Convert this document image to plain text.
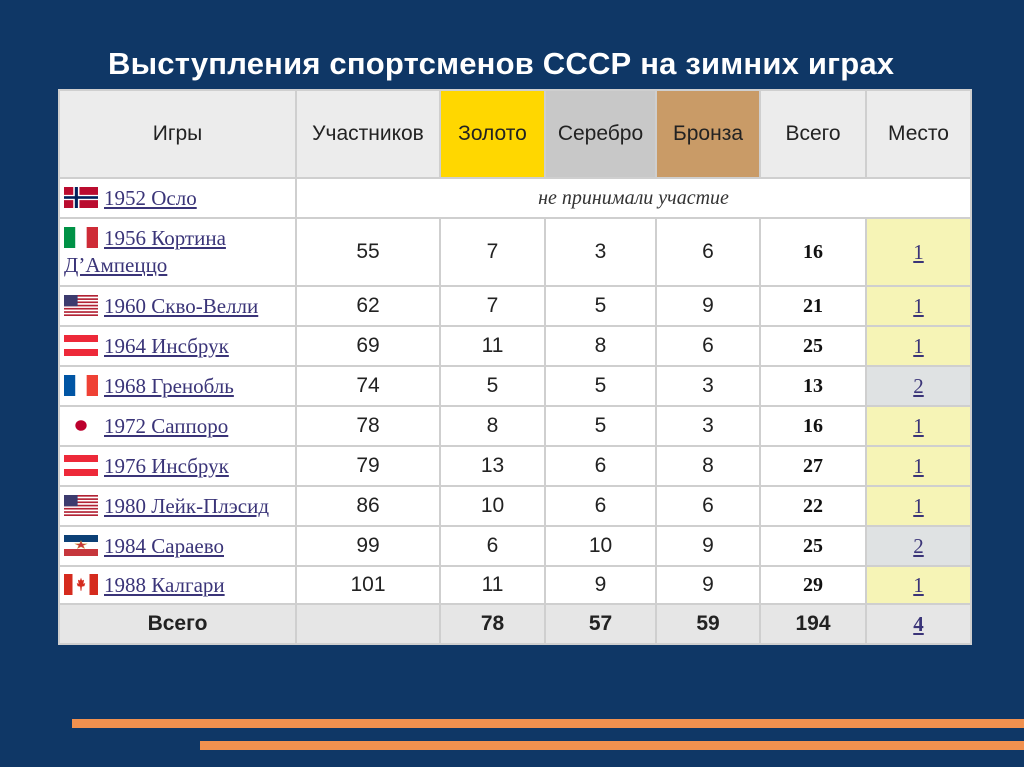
Выступления спортсменов СССР на зимних играх
Игры	Участников	Золото	Серебро	Бронза	Всего	Место
1952 Осло	не принимали участие					
1956 Кортина Д’Ампеццо	55	7	3	6	16	1
1960 Скво-Велли	62	7	5	9	21	1
1964 Инсбрук	69	11	8	6	25	1
1968 Гренобль	74	5	5	3	13	2
1972 Саппоро	78	8	5	3	16	1
1976 Инсбрук	79	13	6	8	27	1
1980 Лейк-Плэсид	86	10	6	6	22	1
1984 Сараево	99	6	10	9	25	2
1988 Калгари	101	11	9	9	29	1
Всего		78	57	59	194	4
